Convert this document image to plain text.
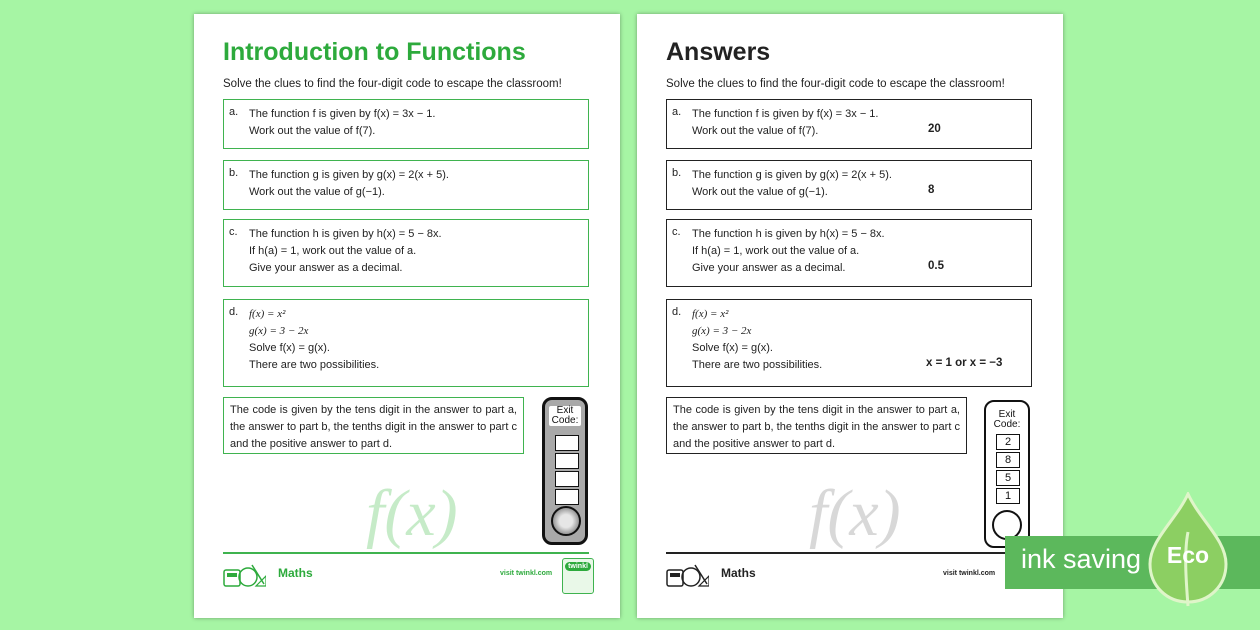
Introduction to Functions
Solve the clues to find the four-digit code to escape the classroom!
a. The function f is given by f(x) = 3x − 1.
Work out the value of f(7).
b. The function g is given by g(x) = 2(x + 5).
Work out the value of g(−1).
c. The function h is given by h(x) = 5 − 8x.
If h(a) = 1, work out the value of a.
Give your answer as a decimal.
d. f(x) = x²
g(x) = 3 − 2x
Solve f(x) = g(x).
There are two possibilities.
The code is given by the tens digit in the answer to part a, the answer to part b, the tenths digit in the answer to part c and the positive answer to part d.
Exit
Code:
f(x)
Maths	visit twinkl.com
twinkl
Answers
Solve the clues to find the four-digit code to escape the classroom!
a. The function f is given by f(x) = 3x − 1.
Work out the value of f(7).	20
b. The function g is given by g(x) = 2(x + 5).
Work out the value of g(−1).	8
c. The function h is given by h(x) = 5 − 8x.
If h(a) = 1, work out the value of a.
Give your answer as a decimal.	0.5
d. f(x) = x²
g(x) = 3 − 2x
Solve f(x) = g(x).
There are two possibilities.	x = 1 or x = −3
The code is given by the tens digit in the answer to part a, the answer to part b, the tenths digit in the answer to part c and the positive answer to part d.
Exit
Code:
2
8
5
1
f(x)
Maths	visit twinkl.com ink saving	Eco
